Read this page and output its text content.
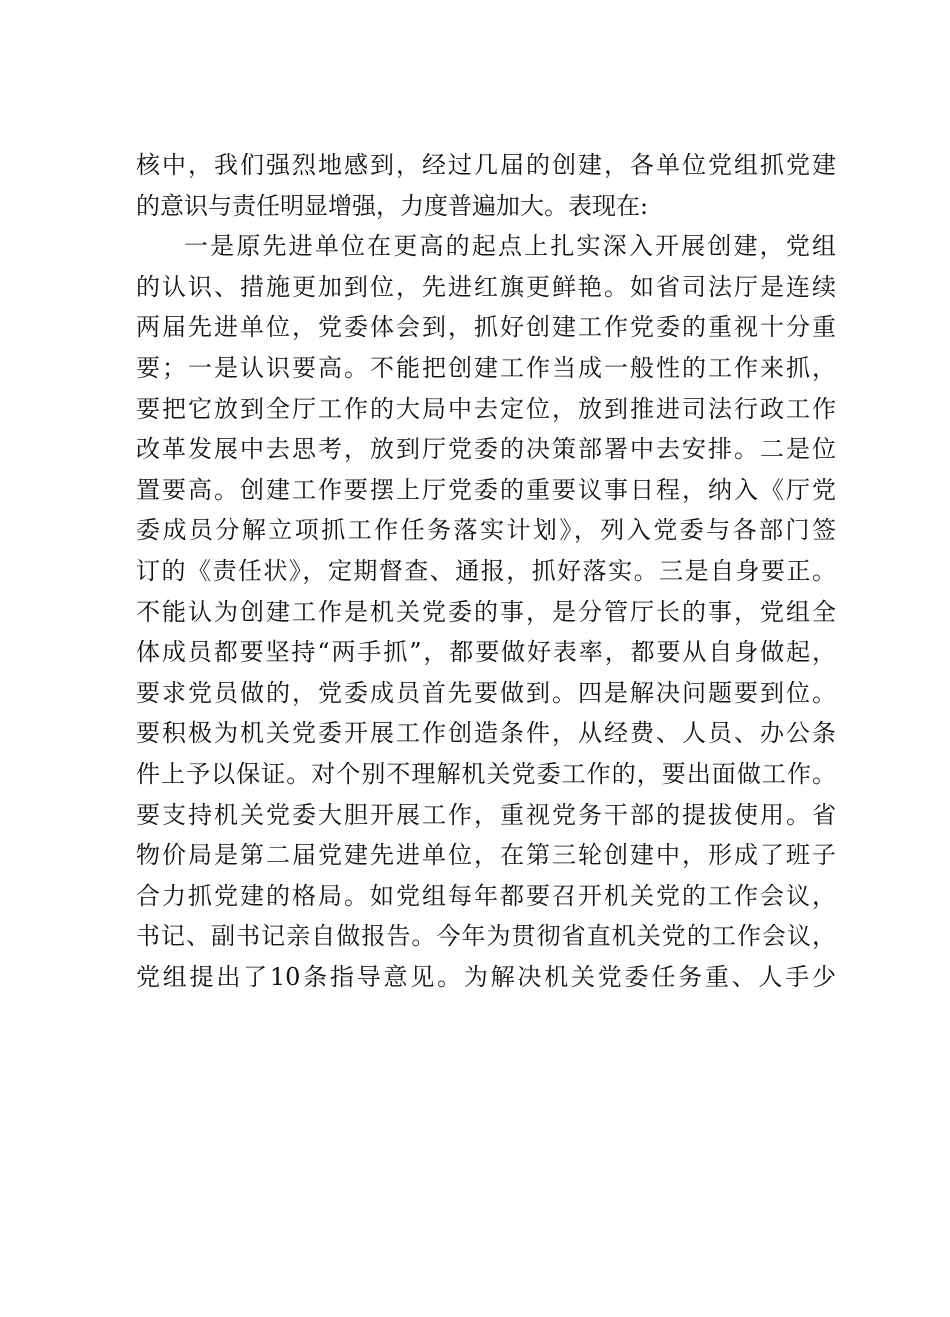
核中，我们强烈地感到，经过几届的创建，各单位党组抓党建
的意识与责任明显增强，力度普遍加大。表现在:
一是原先进单位在更高的起点上扎实深入开展创建，党组
的认识、措施更加到位，先进红旗更鲜艳。如省司法厅是连续
两届先进单位，党委体会到，抓好创建工作党委的重视十分重
要；一是认识要高。不能把创建工作当成一般性的工作来抓，
要把它放到全厅工作的大局中去定位，放到推进司法行政工作
改革发展中去思考，放到厅党委的决策部署中去安排。二是位
置要高。创建工作要摆上厅党委的重要议事日程，纳入《厅党
委成员分解立项抓工作任务落实计划》，列入党委与各部门签
订的《责任状》，定期督查、通报，抓好落实。三是自身要正。
不能认为创建工作是机关党委的事，是分管厅长的事，党组全
体成员都要坚持“两手抓”，都要做好表率，都要从自身做起，
要求党员做的，党委成员首先要做到。四是解决问题要到位。
要积极为机关党委开展工作创造条件，从经费、人员、办公条
件上予以保证。对个别不理解机关党委工作的，要出面做工作。
要支持机关党委大胆开展工作，重视党务干部的提拔使用。省
物价局是第二届党建先进单位，在第三轮创建中，形成了班子
合力抓党建的格局。如党组每年都要召开机关党的工作会议，
书记、副书记亲自做报告。今年为贯彻省直机关党的工作会议，
党组提出了10条指导意见。为解决机关党委任务重、人手少
